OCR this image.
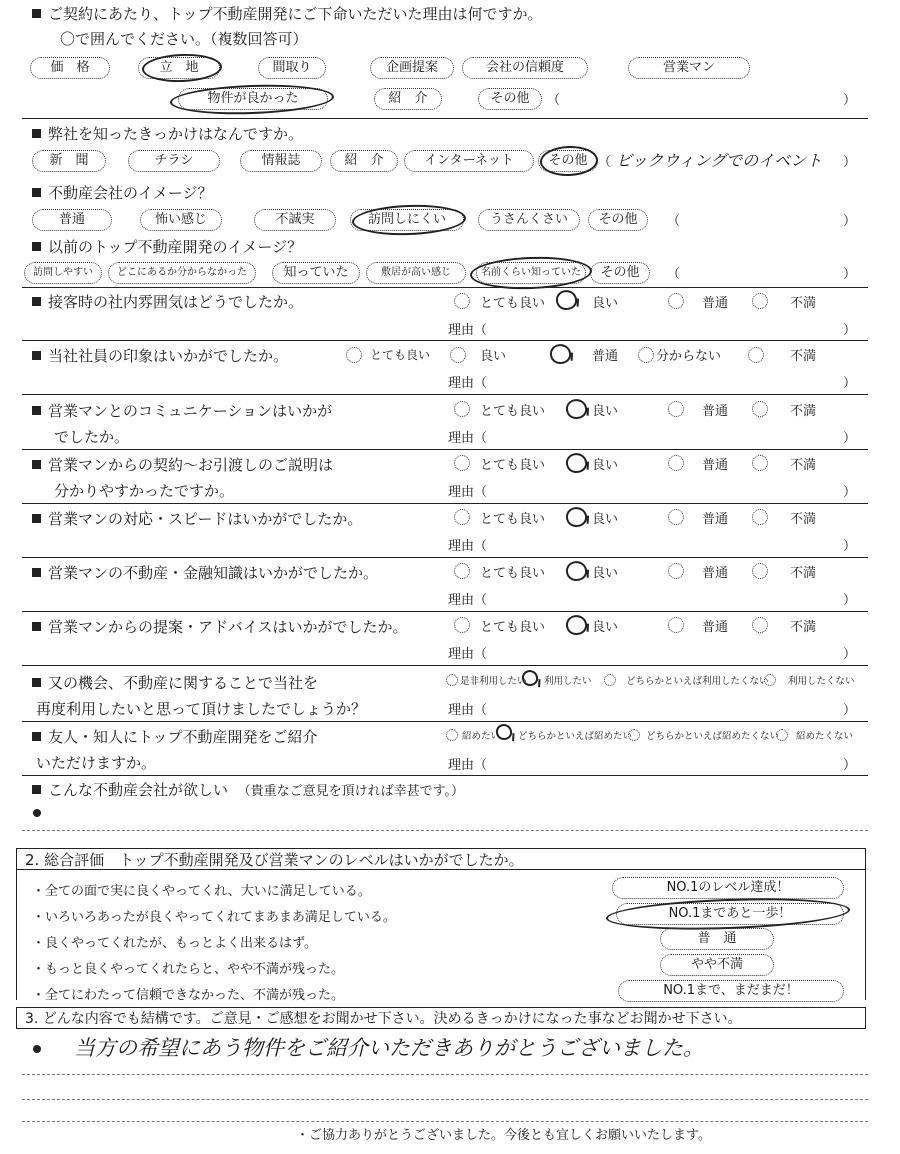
ご契約にあたり、トップ不動産開発にご下命いただいた理由は何ですか。
〇で囲んでください。（複数回答可）
価　格	立　地	間取り	企画提案	会社の信頼度	営業マン
物件が良かった	紹　介	その他	（	）
弊社を知ったきっかけはなんですか。
新　聞	チラシ	情報誌	紹　介	インターネット	その他 （ ビックウィングでのイベント ）
不動産会社のイメージ？
普通	怖い感じ	不誠実	訪問しにくい	うさんくさい	その他	（	）
以前のトップ不動産開発のイメージ？
訪問しやすい	どこにあるか分からなかった	知っていた	敷居が高い感じ	名前くらい知っていた	その他	（	）
接客時の社内雰囲気はどうでしたか。	とても良い	良い	普通	不満
理由（	）
当社社員の印象はいかがでしたか。	とても良い	良い	普通	分からない	不満
理由（	）
営業マンとのコミュニケーションはいかが
でしたか。
とても良い	良い	普通	不満
理由（	）
営業マンからの契約～お引渡しのご説明は
分かりやすかったですか。
とても良い	良い	普通	不満
理由（	）
営業マンの対応・スピードはいかがでしたか。	とても良い	良い	普通	不満
理由（	）
営業マンの不動産・金融知識はいかがでしたか。	とても良い	良い	普通	不満
理由（	）
営業マンからの提案・アドバイスはいかがでしたか。	とても良い	良い	普通	不満
理由（	）
又の機会、不動産に関することで当社を
再度利用したいと思って頂けましたでしょうか？
是非利用したい 利用したい	どちらかといえば利用したくない 利用したくない
理由（	）
友人・知人にトップ不動産開発をご紹介
いただけますか。
紹めたい どちらかといえば紹めたい どちらかといえば紹めたくない 紹めたくない
理由（	）
こんな不動産会社が欲しい （貴重なご意見を頂ければ幸甚です。）
2. 総合評価　トップ不動産開発及び営業マンのレベルはいかがでしたか。
・全ての面で実に良くやってくれ、大いに満足している。	NO.1のレベル達成！
・いろいろあったが良くやってくれてまあまあ満足している。	NO.1まであと一歩！
・良くやってくれたが、もっとよく出来るはず。	普　通
・もっと良くやってくれたらと、やや不満が残った。	やや不満
・全てにわたって信頼できなかった、不満が残った。	NO.1まで、まだまだ！
3. どんな内容でも結構です。ご意見・ご感想をお聞かせ下さい。決めるきっかけになった事などお聞かせ下さい。
当方の希望にあう物件をご紹介いただきありがとうございました。
・ご協力ありがとうございました。今後とも宜しくお願いいたします。
